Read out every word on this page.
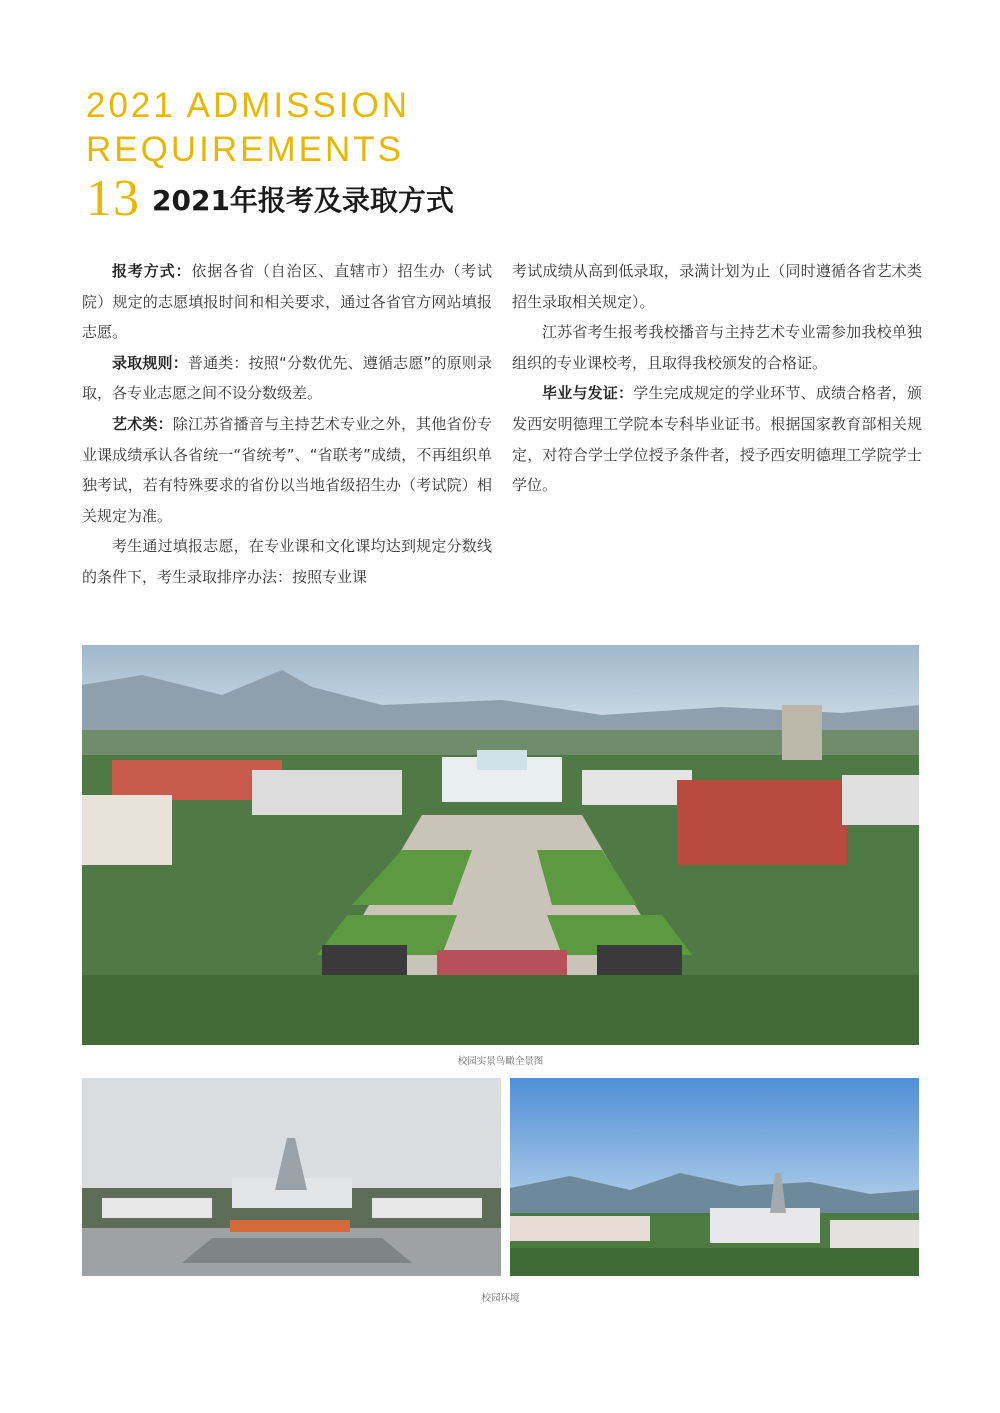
2021 ADMISSION
REQUIREMENTS
13 2021年报考及录取方式

报考方式：依据各省（自治区、直辖市）招生办（考试院）规定的志愿填报时间和相关要求，通过各省官方网站填报志愿。

录取规则：普通类：按照“分数优先、遵循志愿”的原则录取，各专业志愿之间不设分数级差。

艺术类：除江苏省播音与主持艺术专业之外，其他省份专业课成绩承认各省统一“省统考”、“省联考”成绩，不再组织单独考试，若有特殊要求的省份以当地省级招生办（考试院）相关规定为准。

考生通过填报志愿，在专业课和文化课均达到规定分数线的条件下，考生录取排序办法：按照专业课

考试成绩从高到低录取，录满计划为止（同时遵循各省艺术类招生录取相关规定）。

江苏省考生报考我校播音与主持艺术专业需参加我校单独组织的专业课校考，且取得我校颁发的合格证。

毕业与发证：学生完成规定的学业环节、成绩合格者，颁发西安明德理工学院本专科毕业证书。根据国家教育部相关规定，对符合学士学位授予条件者，授予西安明德理工学院学士学位。

校园实景鸟瞰全景图
校园环境
